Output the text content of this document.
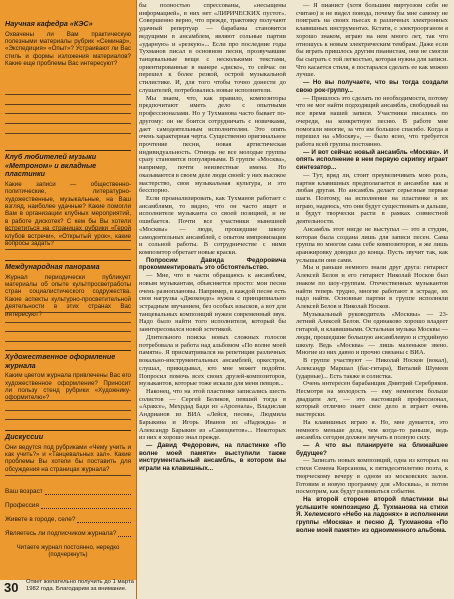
Научная кафедра «КЭС»
Охвачены ли Вам практическую полезными материалы рубрик «Семинар», «Экспедиция» «Опыт»? Устраивают ли Вас стиль и формы изложения материалов? Какие еще проблемы Вас интересуют?
Клуб любителей музыки «Метроном» и вкладные пластинки
Какие записи — общественно-политические, литературно-художественные, музыкальные, на Ваш взгляд, наиболее удачные? Какие помогли Вам в организации клубных мероприятий, в работе дискотек? С кем бы Вы хотели встретиться на страницах рубрики «Герой клубов встречи», «Открытый урок», какие вопросы задать?
Международная панорама
Журнал периодически публикует материалы об опыте культпросветработы стран социалистического содружества. Какие аспекты культурно-просветительной деятельности в этих странах Вас интересуют?
Художественное оформление журнала
Каким цветом журнала привлечены Вас его художественное оформление? Приносит ли пользу стенд рубрики «Художнику-оформителю»?
Дискуссии
Они ведутся под рубриками «Чему учить и как учить?» и «Танцевальных зал». Какие проблемы Вы хотели бы поставить для обсуждения на страницах журнала?
Ваш возраст
Профессия
Живете в городе, селе?
Являетесь ли подписчиком журнала?
Читаете журнал постоянно, нередко (подчеркнуть)
30 Ответ желательно получить до 1 марта 1982 года. Благодарим за внимание.

бы полностью спрессованы, «несыщены информацией», в них нет «ЛИРИЧЕСКИХ пустот». Совершенно верно, что прежде, трактовку получают удачный репертуар — барабаны становится ведущими в ансамблем, являют сольные партии «ударную» и «резкую»... Если про последние годы Тухманов писал в основном песни, прозвучавшие танцевальные вещи с несколькими текстами, ориентированные в манере «диско», то сейчас он перешел к более резкой, острой музыкальной стилистике. И, для того чтобы точно донести до слушателей, потребовались новые исполнители.

Мы знаем, что, как правило, композиторы предпочитают иметь дело с опытными профессионалами. Но у Тухманова часто бывает по-другому: он не боится сотрудничать с новичками, дает самодеятельным исполнителям. Это опять очень характерная черта. Существенно оригинальное прочтение песни, новая артистическая индивидуальность. Отнюдь не все молодые группы сразу становятся популярными. В группе «Москва», например, почти неизвестные имена. Но оказываются в своем деле люди своей: у них высокое мастерство, своя музыкальная культура, и это бесспорно.

Если проанализировать, как Тухманов работает с ансамблями, то видно, что он часто ищет в исполнителе музыканта со своей позицией, и не ошибается. Почти все участники нынешней «Москвы» — люди, прошедшие школу самодеятельных ансамблей, с опытом импровизации и сольной работы. В сотрудничестве с ними композитор обретает новые краски.

Попросим Давида Федоровича прокомментировать это обстоятельство.

— Мне, что в части обращаюсь к ансамблям, новым музыкантам, объясняется просто: мои песни очень разноплановы. Например, в каждой песне есть своя нагрузка «Джокондо» нужна с принципиально эстрадным звучанием, без особых изысков, а вот для танцевальных композиций нужен современный звук. Надо было найти того исполнителя, который бы заинтересовался новой эстетикой.

Длительного поиска новых сложных голосов потребовала и работа над альбомом «По волне моей памяти». Я присматривался на репетиции различных вокально-инструментальных ансамблей, оркестров, слушал, прикидывал, кто мне может подойти. Попросил помочь всех своих друзей-композиторов, музыкантов, которые тоже искали для меня певцов...

Наконец, что на этой пластинке записались шесть солистов — Сергей Беликов, певший тогда в «Араксе», Мехрдад Бади из «Арсенала», Владислав Андрианов из ВИА «Лейся, песня», Людмила Барыкина и Игорь Иванов из «Надежды» и Александр Барыкин из «Самоцветов»... Некоторых из них я хорошо знал прежде.

— Давид Федорович, на пластинке «По волне моей памяти» выступили также инструментальный ансамбль, в котором вы играли на клавишных...

— Я пианист (хотя большим виртуозом себя не считаю) и не видел повода, почему бы мне самому не поиграть на своих пьесах в различных электронных клавишных инструментах. Кстати, с электроорганом я хорошо знаком, играю на нем много лет, так что отношусь к новым электрическим тембрам. Даже если бы играть пришлось другим пианистам, они не смогли бы сыграть с той легкостью, которая нужна для записи. Что касается стиля, я постарался сделать ее как можно лучше.

— Но вы получаете, что вы тогда создали свою рок-группу...

— Пришлось это сделать по необходимости, потому что не мог найти подходящий ансамбль, свободный на все время нашей записи. Участники писались по очереди, на конкретную песню. В работе мне помогали многие, за что им большое спасибо. Когда я перешел на «Москву», — было ясно, что требуется работа всей группы постоянно.

— И вот сейчас новый ансамбль «Москва». И опять исполнение в нем первую скрипку играет синтезатор...

— Тут, вряд ли, стоит преувеличивать мою роль, партия клавишных предполагается в ансамбле как и любая другая. Но ансамбль делает серьезные первые шаги. Поэтому, на исполнение на пластинке я их играю, надеюсь, что они будут существовать и дальше, и будут творчески расти в рамках совместной деятельности.

Ансамбль этот нигде не выступал — это в студии, которая была создана лишь для записи песен. Сама группа во многом сама себе композиторов, я же лишь аранжировку доводил до конца. Пусть звучит так, как услышали они сами.

Мы и раньше немного знали друг друга: гитарист Алексей Белов и его гитарист Николай Носков был знаком по шоу-группам. Отечественных музыкантов найти теперь трудно, многие работают в эстраде, их надо найти. Основные партии в группе исполняли Алексей Белов и Николай Носков.

Музыкальный руководитель «Москвы» — 23-летний Алексей Белов. Он одинаково хорошо владеет гитарой, и клавишными. Остальная музыка Москвы — люди, прошедшие большую ансамблевую и студийную школу. Ведь «Москва» — лишь маленькое звено. Многие из них давно и прочно связаны с ВИА.

В группе участвуют — Николай Носков (вокал), Александр Маршал (бас-гитара), Виталий Шумеев (ударные)... Есть также и солистка.

Очень интересен барабанщик Дмитрий Серебряков. Несмотря на молодость — ему немногим больше двадцати лет, — это настоящий профессионал, который отлично знает свое дело и играет очень мастерски.

На клавишных играю я. Но, мне думается, это немного меньше дела, чем когда-то раньше, ведь ансамбль сегодня должен звучать в полную силу.

— А что вы планируете на ближайшее будущее?

— Записать новых композиций, одна из которых на стихи Семена Кирсанова, к пятидесятилетию поэта, к творческому вечеру в одном из московских залов. Готовим и новую программу для «Москвы», и потом посмотрим, как будут развиваться события.

На второй стороне второй пластинки вы услышите композицию Д. Тухманова на стихи Я. Хелемского «Небо на ладонях» в исполнении группы «Москва» и песню Д. Тухманова «По волне моей памяти» из одноименного альбома.
